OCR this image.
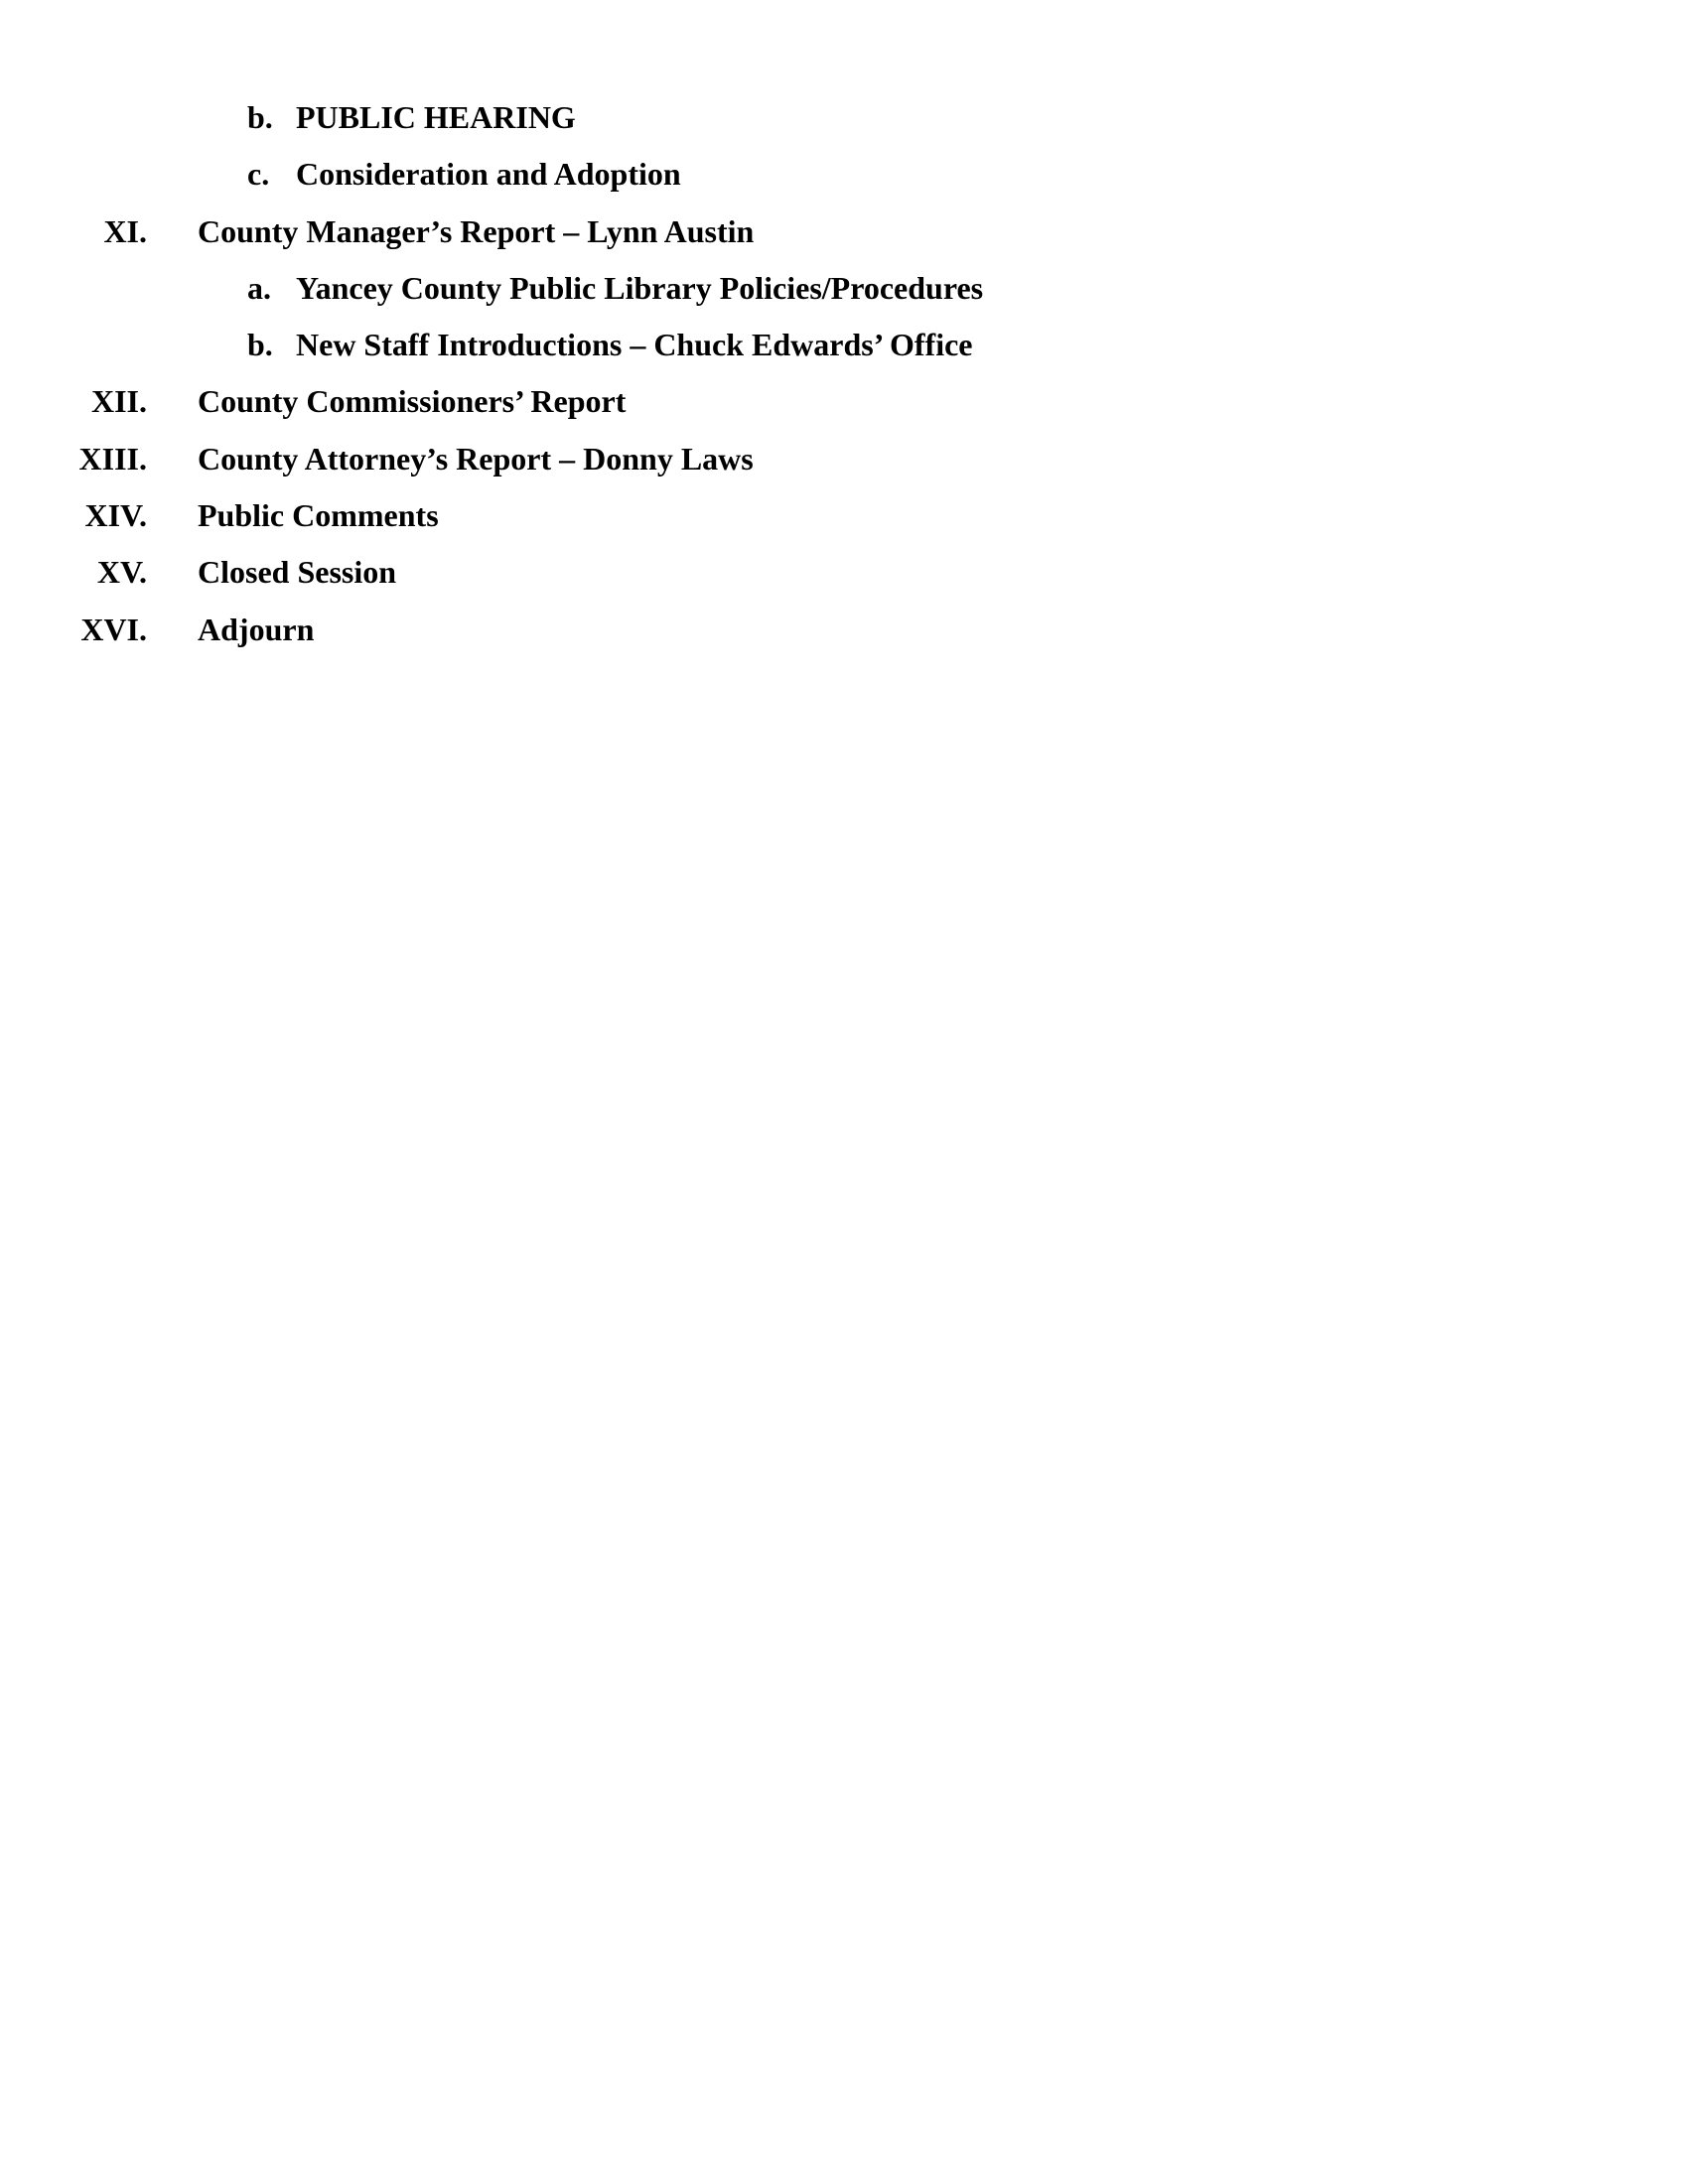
b. PUBLIC HEARING
c. Consideration and Adoption
XI. County Manager’s Report – Lynn Austin
a. Yancey County Public Library Policies/Procedures
b. New Staff Introductions – Chuck Edwards’ Office
XII. County Commissioners’ Report
XIII. County Attorney’s Report – Donny Laws
XIV. Public Comments
XV. Closed Session
XVI. Adjourn
